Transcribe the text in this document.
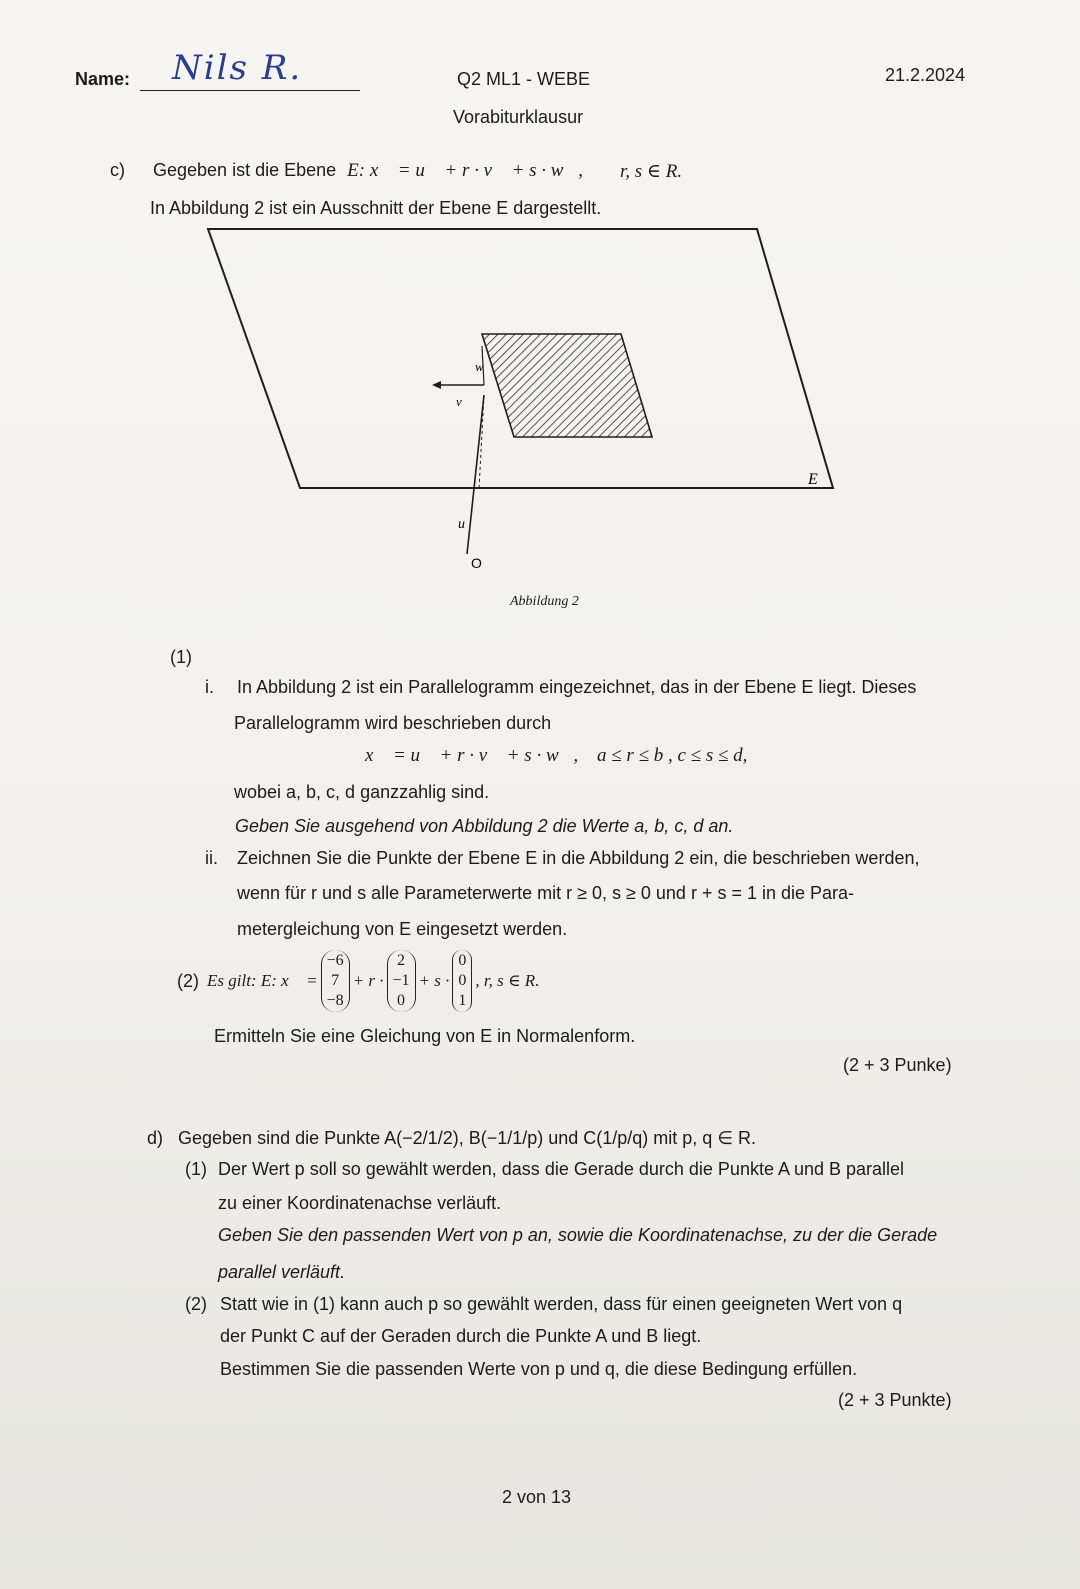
Name: Nils R.	Q2 ML1 - WEBE	21.2.2024
Vorabiturklausur
c) Gegeben ist die Ebene E: x⃗ = u⃗ + r · v⃗ + s · w⃗, r, s ∈ R.
In Abbildung 2 ist ein Ausschnitt der Ebene E dargestellt.
E
u⃗
v⃗
w⃗
O
Abbildung 2
(1)
i. In Abbildung 2 ist ein Parallelogramm eingezeichnet, das in der Ebene E liegt. Dieses
Parallelogramm wird beschrieben durch
x⃗ = u⃗ + r · v⃗ + s · w⃗, a ≤ r ≤ b , c ≤ s ≤ d,
wobei a, b, c, d ganzzahlig sind.
Geben Sie ausgehend von Abbildung 2 die Werte a, b, c, d an.
ii. Zeichnen Sie die Punkte der Ebene E in die Abbildung 2 ein, die beschrieben werden,
wenn für r und s alle Parameterwerte mit r ≥ 0, s ≥ 0 und r + s = 1 in die Para-
metergleichung von E eingesetzt werden.
(2) Es gilt: E: x⃗ =
−6
7
−8
+ r ·
2
−1
0
+ s ·
0
0
1
, r, s ∈ R.
Ermitteln Sie eine Gleichung von E in Normalenform.
(2 + 3 Punke)
d) Gegeben sind die Punkte A(−2/1/2), B(−1/1/p) und C(1/p/q) mit p, q ∈ R.
(1) Der Wert p soll so gewählt werden, dass die Gerade durch die Punkte A und B parallel
zu einer Koordinatenachse verläuft.
Geben Sie den passenden Wert von p an, sowie die Koordinatenachse, zu der die Gerade
parallel verläuft.
(2) Statt wie in (1) kann auch p so gewählt werden, dass für einen geeigneten Wert von q
der Punkt C auf der Geraden durch die Punkte A und B liegt.
Bestimmen Sie die passenden Werte von p und q, die diese Bedingung erfüllen.
(2 + 3 Punkte)
2 von 13
